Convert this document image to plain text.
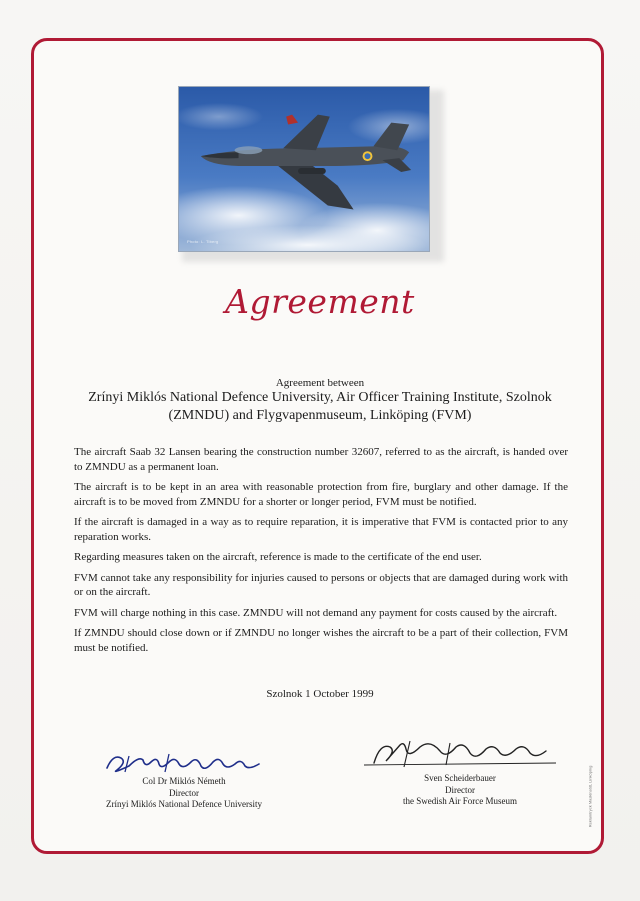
Photo: L. Tiberg
Agreement
Agreement between
Zrínyi Miklós National Defence University, Air Officer Training Institute, Szolnok (ZMNDU) and Flygvapenmuseum, Linköping (FVM)

The aircraft Saab 32 Lansen bearing the construction number 32607, referred to as the aircraft, is handed over to ZMNDU as a permanent loan.

The aircraft is to be kept in an area with reasonable protection from fire, burglary and other damage. If the aircraft is to be moved from ZMNDU for a shorter or longer period, FVM must be notified.

If the aircraft is damaged in a way as to require reparation, it is imperative that FVM is contacted prior to any reparation works.

Regarding measures taken on the aircraft, reference is made to the certificate of the end user.

FVM cannot take any responsibility for injuries caused to persons or objects that are damaged during work with or on the aircraft.

FVM will charge nothing in this case. ZMNDU will not demand any payment for costs caused by the aircraft.

If ZMNDU should close down or if ZMNDU no longer wishes the aircraft to be a part of their collection, FVM must be notified.

Szolnok 1 October 1999
Col Dr Miklós Németh
Director
Zrínyi Miklós National Defence University
Sven Scheiderbauer
Director
the Swedish Air Force Museum	Reklamtryck Maskinsätt, Linköping
